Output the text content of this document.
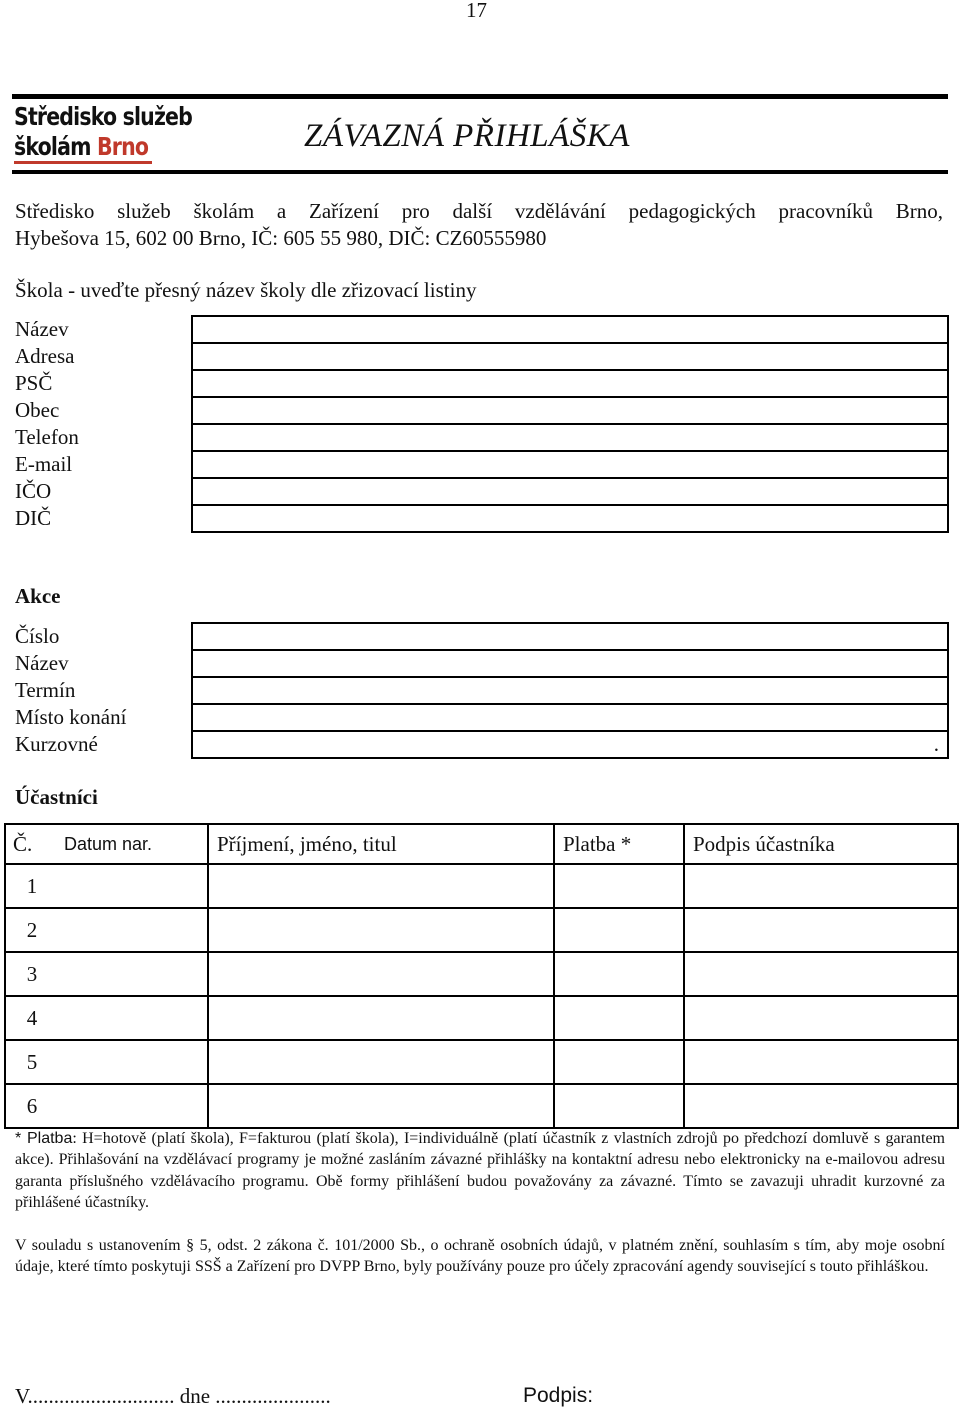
17
Středisko služeb
školám Brno	ZÁVAZNÁ PŘIHLÁŠKA
Středisko služeb školám a Zařízení pro další vzdělávání pedagogických pracovníků Brno,
Hybešova 15, 602 00 Brno, IČ: 605 55 980, DIČ: CZ60555980
Škola - uveďte přesný název školy dle zřizovací listiny
Název	
Adresa	
PSČ	
Obec	
Telefon	
E-mail	
IČO	
DIČ	
Akce
Číslo	
Název	
Termín	
Místo konání	
Kurzovné	.
Účastníci
Č.	Datum nar.	Příjmení, jméno, titul	Platba *	Podpis účastníka
1				
2				
3				
4				
5				
6				
* Platba: H=hotově (platí škola), F=fakturou (platí škola), I=individuálně (platí účastník z vlastních zdrojů po předchozí domluvě s garantem akce). Přihlašování na vzdělávací programy je možné zasláním závazné přihlášky na kontaktní adresu nebo elektronicky na e-mailovou adresu garanta příslušného vzdělávacího programu. Obě formy přihlášení budou považovány za závazné. Tímto se zavazuji uhradit kurzovné za přihlášené účastníky.
V souladu s ustanovením § 5, odst. 2 zákona č. 101/2000 Sb., o ochraně osobních údajů, v platném znění, souhlasím s tím, aby moje osobní údaje, které tímto poskytuji SSŠ a Zařízení pro DVPP Brno, byly používány pouze pro účely zpracování agendy související s touto přihláškou.
V............................ dne ......................	Podpis:
